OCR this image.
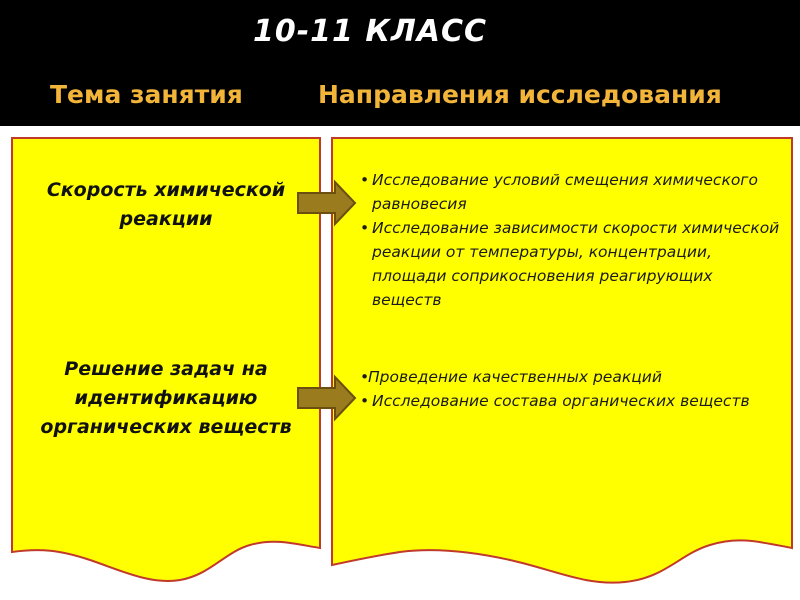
10-11 КЛАСС
Тема занятия	Направления исследования
Скорость химической
реакции
Решение задач на
идентификацию
органических веществ
• Исследование условий смещения химического равновесия
• Исследование зависимости скорости химической реакции от температуры, концентрации, площади соприкосновения реагирующих веществ
• Проведение качественных реакций
• Исследование состава органических веществ
